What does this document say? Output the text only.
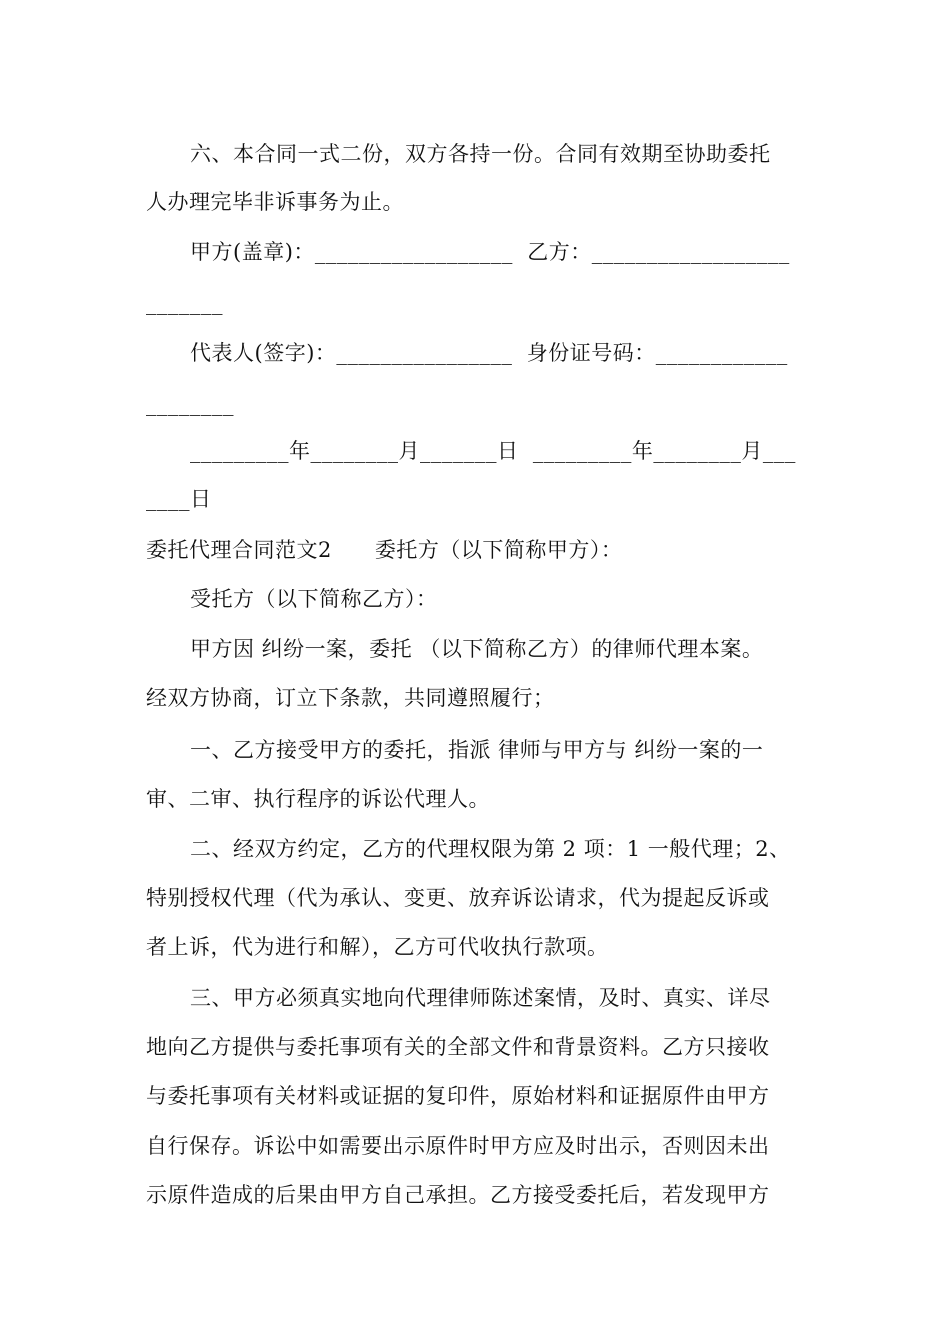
六、本合同一式二份，双方各持一份。合同有效期至协助委托
人办理完毕非诉事务为止。
甲方(盖章)：__________________  乙方：__________________
_______
代表人(签字)：________________  身份证号码：____________
________
_________年________月_______日  _________年________月___
____日
委托代理合同范文2      委托方（以下简称甲方）：
受托方（以下简称乙方）：
甲方因 纠纷一案，委托 （以下简称乙方）的律师代理本案。
经双方协商，订立下条款，共同遵照履行；
一、乙方接受甲方的委托，指派 律师与甲方与 纠纷一案的一
审、二审、执行程序的诉讼代理人。
二、经双方约定，乙方的代理权限为第 2 项：1 一般代理；2、
特别授权代理（代为承认、变更、放弃诉讼请求，代为提起反诉或
者上诉，代为进行和解），乙方可代收执行款项。
三、甲方必须真实地向代理律师陈述案情，及时、真实、详尽
地向乙方提供与委托事项有关的全部文件和背景资料。乙方只接收
与委托事项有关材料或证据的复印件，原始材料和证据原件由甲方
自行保存。诉讼中如需要出示原件时甲方应及时出示，否则因未出
示原件造成的后果由甲方自己承担。乙方接受委托后，若发现甲方
